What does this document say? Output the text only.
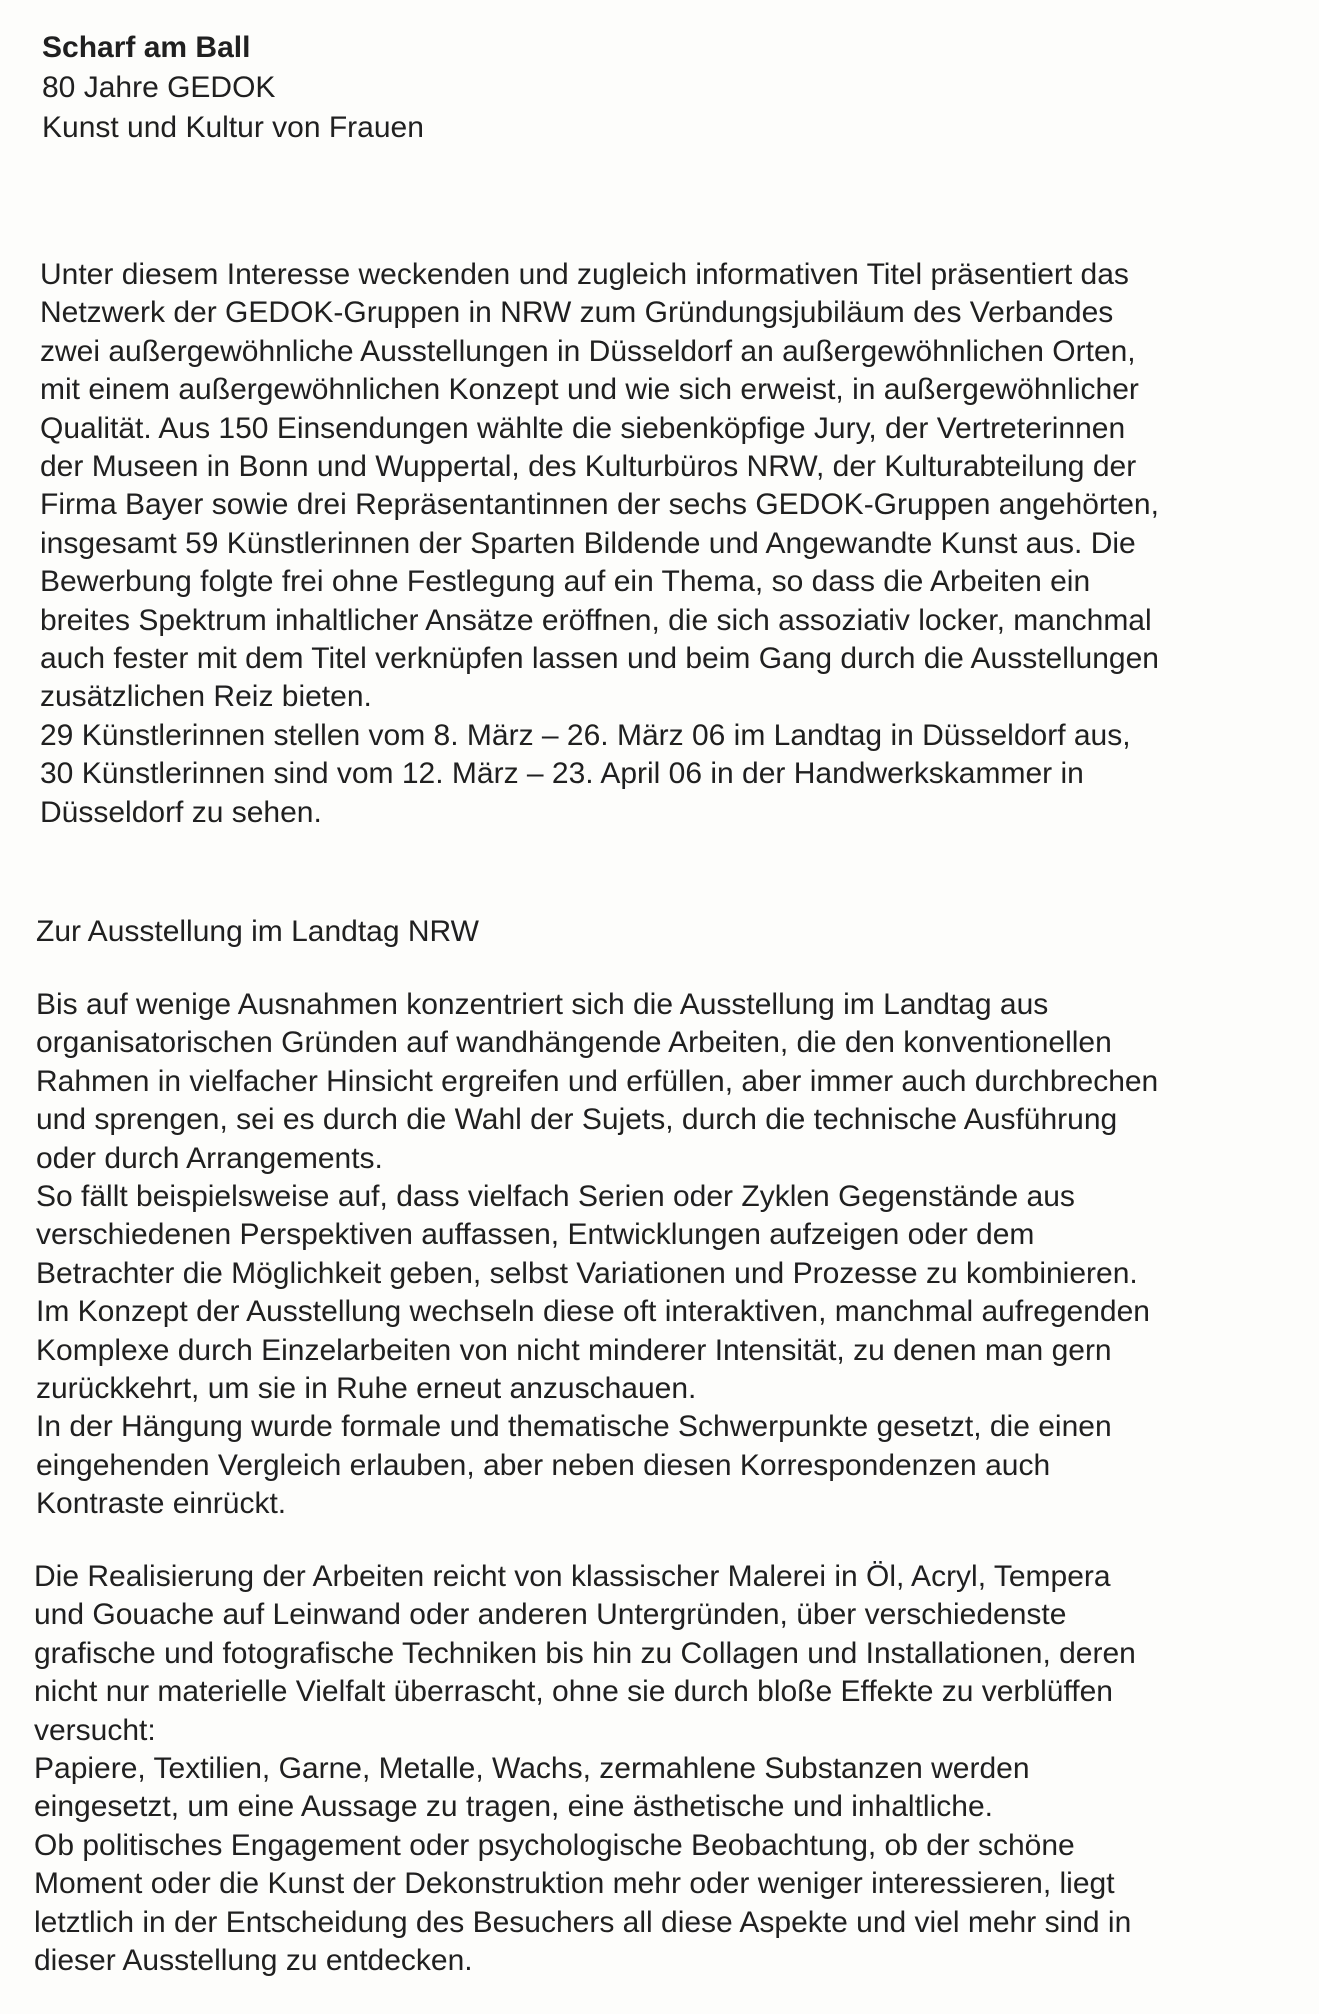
Scharf am Ball
80 Jahre GEDOK
Kunst und Kultur von Frauen
Unter diesem Interesse weckenden und zugleich informativen Titel präsentiert das
Netzwerk der GEDOK-Gruppen in NRW zum Gründungsjubiläum des Verbandes
zwei außergewöhnliche Ausstellungen in Düsseldorf an außergewöhnlichen Orten,
mit einem außergewöhnlichen Konzept und wie sich erweist, in außergewöhnlicher
Qualität. Aus 150 Einsendungen wählte die siebenköpfige Jury, der Vertreterinnen
der Museen in Bonn und Wuppertal, des Kulturbüros NRW, der Kulturabteilung der
Firma Bayer sowie drei Repräsentantinnen der sechs GEDOK-Gruppen angehörten,
insgesamt 59 Künstlerinnen der Sparten Bildende und Angewandte Kunst aus. Die
Bewerbung folgte frei ohne Festlegung auf ein Thema, so dass die Arbeiten ein
breites Spektrum inhaltlicher Ansätze eröffnen, die sich assoziativ locker, manchmal
auch fester mit dem Titel verknüpfen lassen und beim Gang durch die Ausstellungen
zusätzlichen Reiz bieten.
29 Künstlerinnen stellen vom 8. März – 26. März 06 im Landtag in Düsseldorf aus,
30 Künstlerinnen sind vom 12. März – 23. April 06 in der Handwerkskammer in
Düsseldorf zu sehen.
Zur Ausstellung im Landtag NRW
Bis auf wenige Ausnahmen konzentriert sich die Ausstellung im Landtag aus
organisatorischen Gründen auf wandhängende Arbeiten, die den konventionellen
Rahmen in vielfacher Hinsicht ergreifen und erfüllen, aber immer auch durchbrechen
und sprengen, sei es durch die Wahl der Sujets, durch die technische Ausführung
oder durch Arrangements.
So fällt beispielsweise auf, dass vielfach Serien oder Zyklen Gegenstände aus
verschiedenen Perspektiven auffassen, Entwicklungen aufzeigen oder dem
Betrachter die Möglichkeit geben, selbst Variationen und Prozesse zu kombinieren.
Im Konzept der Ausstellung wechseln diese oft interaktiven, manchmal aufregenden
Komplexe durch Einzelarbeiten von nicht minderer Intensität, zu denen man gern
zurückkehrt, um sie in Ruhe erneut anzuschauen.
In der Hängung wurde formale und thematische Schwerpunkte gesetzt, die einen
eingehenden Vergleich erlauben, aber neben diesen Korrespondenzen auch
Kontraste einrückt.
Die Realisierung der Arbeiten reicht von klassischer Malerei in Öl, Acryl, Tempera
und Gouache auf Leinwand oder anderen Untergründen, über verschiedenste
grafische und fotografische Techniken bis hin zu Collagen und Installationen, deren
nicht nur materielle Vielfalt überrascht, ohne sie durch bloße Effekte zu verblüffen
versucht:
Papiere, Textilien, Garne, Metalle, Wachs, zermahlene Substanzen werden
eingesetzt, um eine Aussage zu tragen, eine ästhetische und inhaltliche.
Ob politisches Engagement oder psychologische Beobachtung, ob der schöne
Moment oder die Kunst der Dekonstruktion mehr oder weniger interessieren, liegt
letztlich in der Entscheidung des Besuchers all diese Aspekte und viel mehr sind in
dieser Ausstellung zu entdecken.
